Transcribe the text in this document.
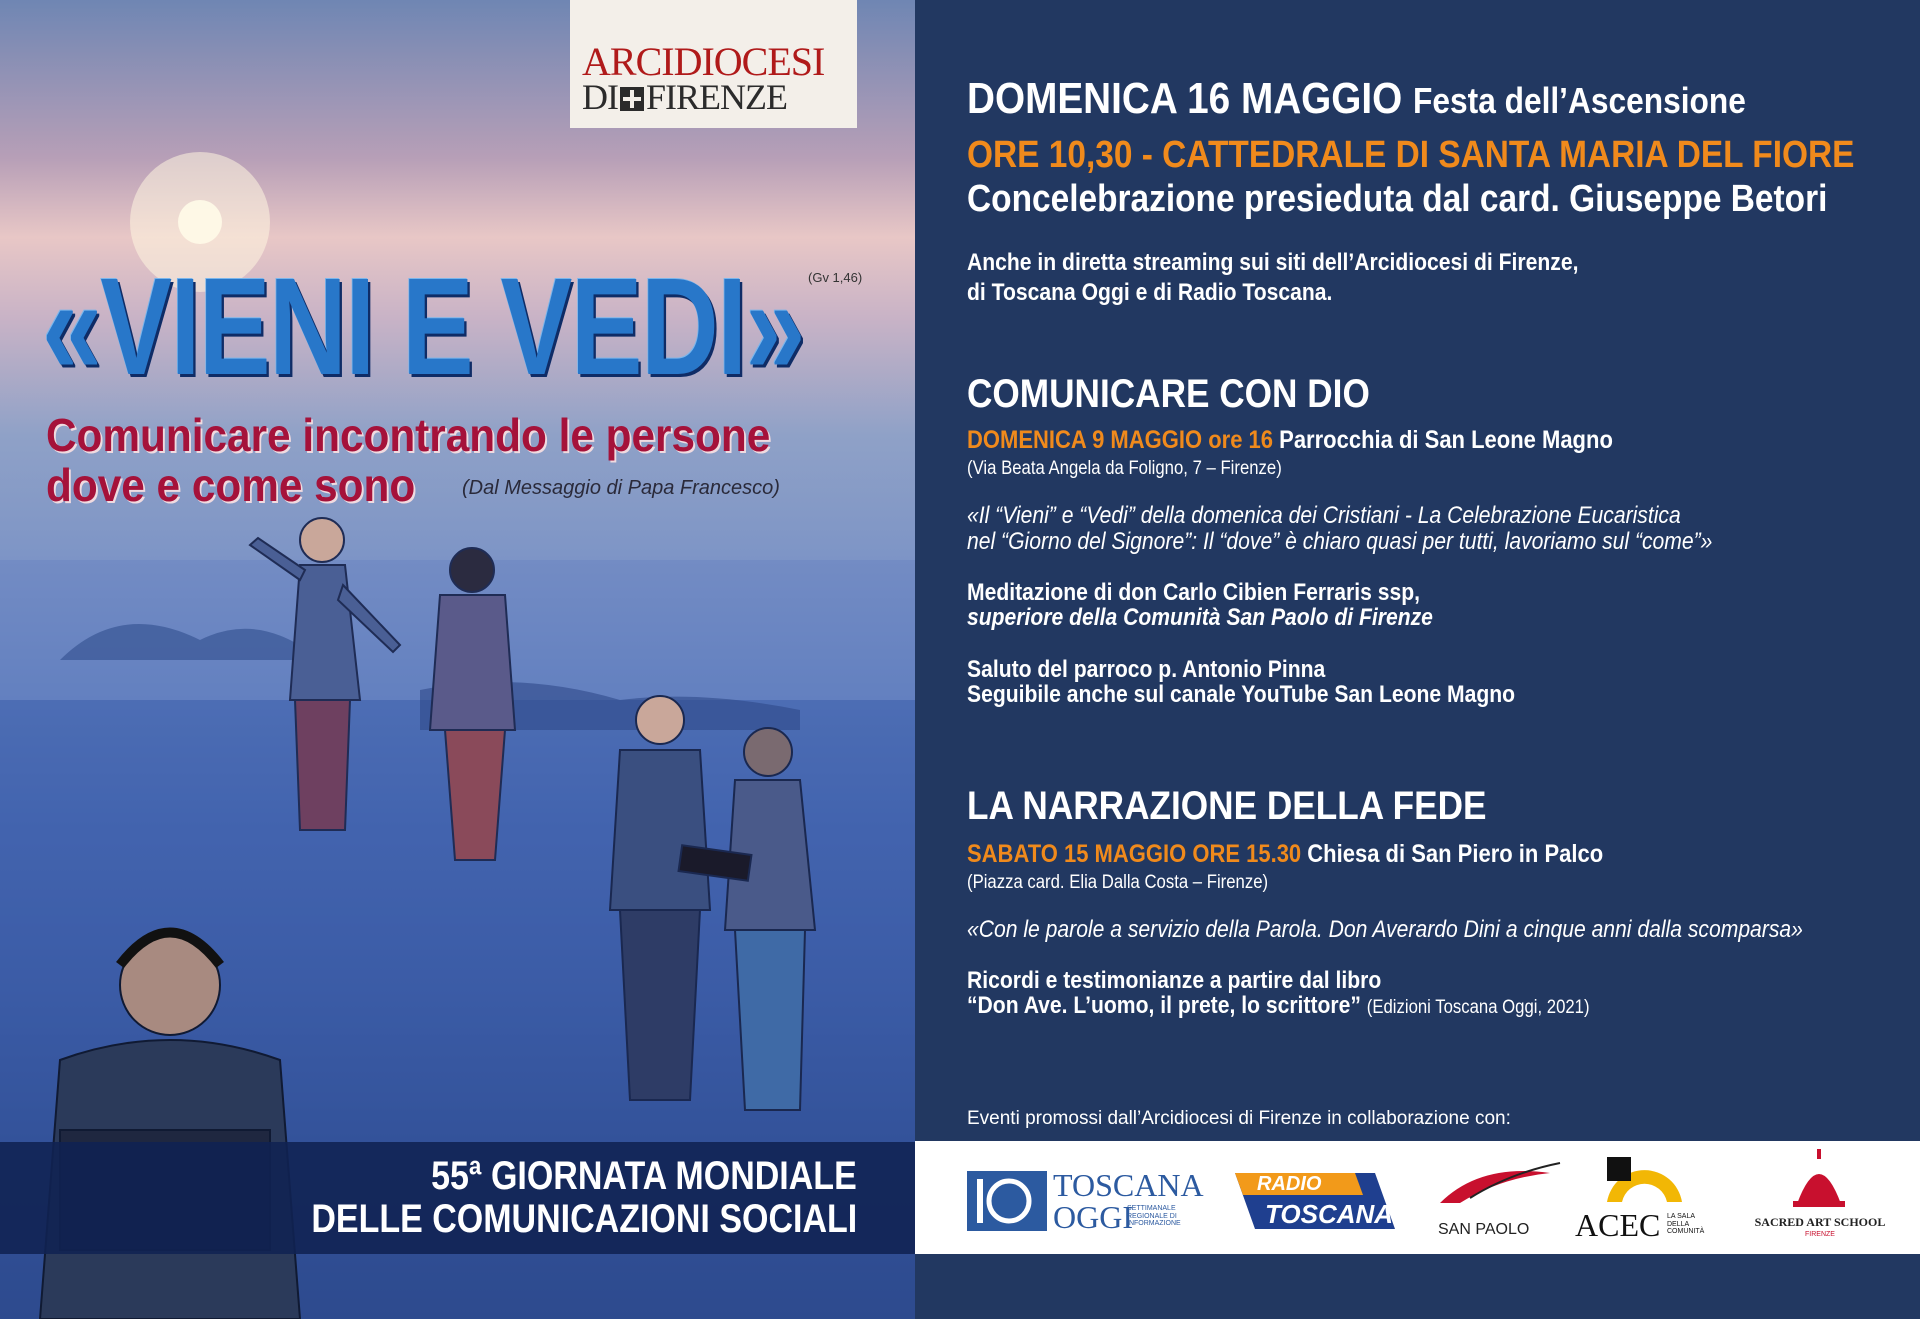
ARCIDIOCESI
DI FIRENZE
(Gv 1,46)
«VIENI E VEDI»
Comunicare incontrando le persone
dove e come sono (Dal Messaggio di Papa Francesco)
55ª GIORNATA MONDIALE
DELLE COMUNICAZIONI SOCIALI
DOMENICA 16 MAGGIO Festa dell’Ascensione
ORE 10,30 - CATTEDRALE DI SANTA MARIA DEL FIORE
Concelebrazione presieduta dal card. Giuseppe Betori
Anche in diretta streaming sui siti dell’Arcidiocesi di Firenze,
di Toscana Oggi e di Radio Toscana.
COMUNICARE CON DIO
DOMENICA 9 MAGGIO ore 16 Parrocchia di San Leone Magno
(Via Beata Angela da Foligno, 7 – Firenze)
«Il “Vieni” e “Vedi” della domenica dei Cristiani - La Celebrazione Eucaristica
nel “Giorno del Signore”: Il “dove” è chiaro quasi per tutti, lavoriamo sul “come”»
Meditazione di don Carlo Cibien Ferraris ssp,
superiore della Comunità San Paolo di Firenze
Saluto del parroco p. Antonio Pinna
Seguibile anche sul canale YouTube San Leone Magno
LA NARRAZIONE DELLA FEDE
SABATO 15 MAGGIO ORE 15.30 Chiesa di San Piero in Palco
(Piazza card. Elia Dalla Costa – Firenze)
«Con le parole a servizio della Parola. Don Averardo Dini a cinque anni dalla scomparsa»
Ricordi e testimonianze a partire dal libro
“Don Ave. L’uomo, il prete, lo scrittore” (Edizioni Toscana Oggi, 2021)
Eventi promossi dall’Arcidiocesi di Firenze in collaborazione con:
TOSCANA
OGGI
SETTIMANALE REGIONALE DI INFORMAZIONE
RADIO
TOSCANA
SAN PAOLO ACEC LA SALA DELLA COMUNITÀ
SACRED ART SCHOOL
FIRENZE
